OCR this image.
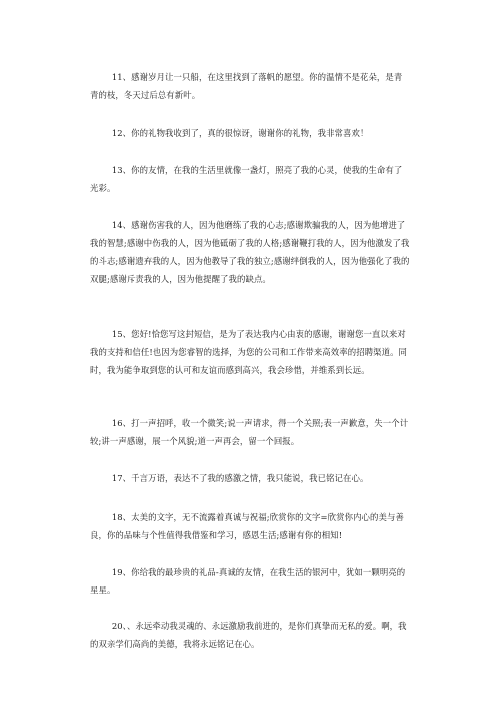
11、感谢岁月让一只船，在这里找到了落帆的愿望。你的温情不是花朵，是青青的枝，冬天过后总有新叶。

12、你的礼物我收到了，真的很惊讶，谢谢你的礼物，我非常喜欢！

13、你的友情，在我的生活里就像一盏灯，照亮了我的心灵，使我的生命有了光彩。

14、感谢伤害我的人，因为他磨练了我的心志;感谢欺骗我的人，因为他增进了我的智慧;感谢中伤我的人，因为他砥砺了我的人格;感谢鞭打我的人，因为他激发了我的斗志;感谢遗弃我的人，因为他教导了我的独立;感谢绊倒我的人，因为他强化了我的双腿;感谢斥责我的人，因为他提醒了我的缺点。

15、您好!恰您写这封短信，是为了表达我内心由衷的感谢，谢谢您一直以来对我的支持和信任!也因为您睿智的选择，为您的公司和工作带来高效率的招聘渠道。同时，我为能争取到您的认可和友谊而感到高兴，我会珍惜，并维系到长远。

16、打一声招呼，收一个微笑;说一声请求，得一个关照;表一声歉意，失一个计较;讲一声感谢，展一个风貌;道一声再会，留一个回报。

17、千言万语，表达不了我的感激之情，我只能说，我已铭记在心。

18、太美的文字，无不流露着真诚与祝福;欣赏你的文字=欣赏你内心的美与善良，你的品味与个性值得我借鉴和学习，感恩生活;感谢有你的相知!

19、你给我的最珍贵的礼品-真诚的友情，在我生活的银河中，犹如一颗明亮的星星。

20、、永远牵动我灵魂的、永远激励我前进的，是你们真挚而无私的爱。啊，我的双亲学们高尚的美德，我将永远铭记在心。
